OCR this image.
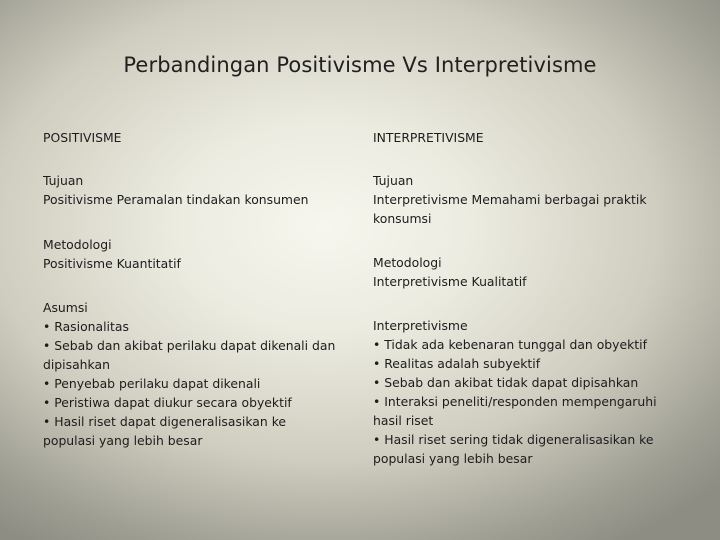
Perbandingan Positivisme Vs Interpretivisme
POSITIVISME
Tujuan
Positivisme Peramalan tindakan konsumen
Metodologi
Positivisme Kuantitatif
Asumsi
• Rasionalitas
• Sebab dan akibat perilaku dapat dikenali dan
dipisahkan
• Penyebab perilaku dapat dikenali
• Peristiwa dapat diukur secara obyektif
• Hasil riset dapat digeneralisasikan ke
populasi yang lebih besar
INTERPRETIVISME
Tujuan
Interpretivisme Memahami berbagai praktik
konsumsi
Metodologi
Interpretivisme Kualitatif
Interpretivisme
• Tidak ada kebenaran tunggal dan obyektif
• Realitas adalah subyektif
• Sebab dan akibat tidak dapat dipisahkan
• Interaksi peneliti/responden mempengaruhi
hasil riset
• Hasil riset sering tidak digeneralisasikan ke
populasi yang lebih besar
